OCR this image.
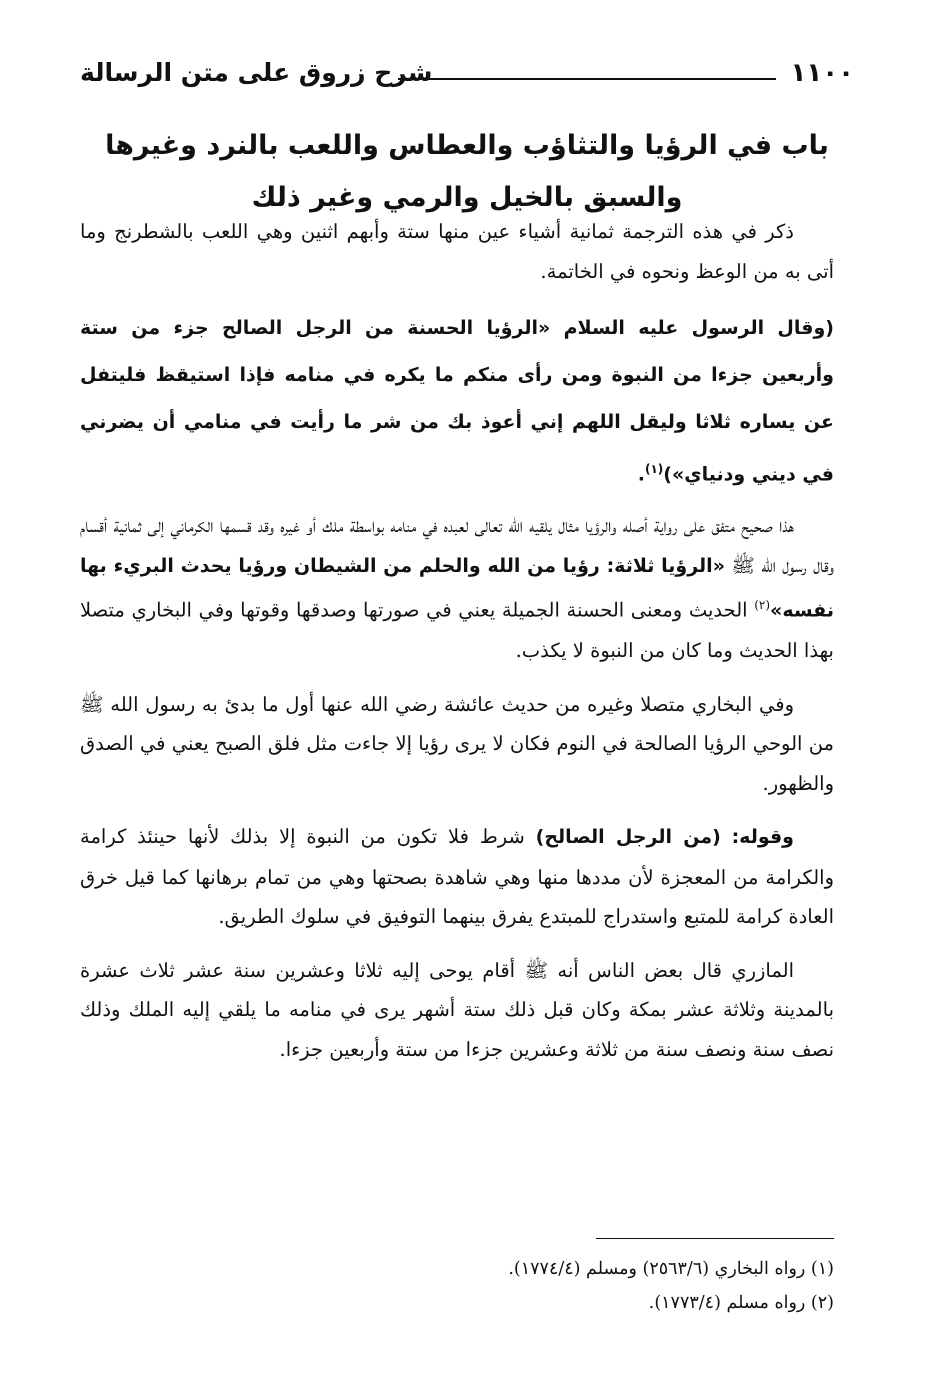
١١٠٠
شرح زروق على متن الرسالة
باب في الرؤيا والتثاؤب والعطاس واللعب بالنرد وغيرها
والسبق بالخيل والرمي وغير ذلك

ذكر في هذه الترجمة ثمانية أشياء عين منها ستة وأبهم اثنين وهي اللعب بالشطرنج وما أتى به من الوعظ ونحوه في الخاتمة.

(وقال الرسول عليه السلام «الرؤيا الحسنة من الرجل الصالح جزء من ستة وأربعين جزءا من النبوة ومن رأى منكم ما يكره في منامه فإذا استيقظ فليتفل عن يساره ثلاثا وليقل اللهم إني أعوذ بك من شر ما رأيت في منامي أن يضرني في ديني ودنياي»)$^{(١)}$.

هذا صحيح متفق على رواية أصله والرؤيا مثال يلقيه الله تعالى لعبده في منامه بواسطة ملك أو غيره وقد قسمها الكرماني إلى ثمانية أقسام وقال رسول الله ﷺ «الرؤيا ثلاثة: رؤيا من الله والحلم من الشيطان ورؤيا يحدث البريء بها نفسه»$^{(٢)}$ الحديث ومعنى الحسنة الجميلة يعني في صورتها وصدقها وقوتها وفي البخاري متصلا بهذا الحديث وما كان من النبوة لا يكذب.

وفي البخاري متصلا وغيره من حديث عائشة رضي الله عنها أول ما بدئ به رسول الله ﷺ من الوحي الرؤيا الصالحة في النوم فكان لا يرى رؤيا إلا جاءت مثل فلق الصبح يعني في الصدق والظهور.

وقوله: (من الرجل الصالح) شرط فلا تكون من النبوة إلا بذلك لأنها حينئذ كرامة والكرامة من المعجزة لأن مددها منها وهي شاهدة بصحتها وهي من تمام برهانها كما قيل خرق العادة كرامة للمتبع واستدراج للمبتدع يفرق بينهما التوفيق في سلوك الطريق.

المازري قال بعض الناس أنه ﷺ أقام يوحى إليه ثلاثا وعشرين سنة عشر ثلاث عشرة بالمدينة وثلاثة عشر بمكة وكان قبل ذلك ستة أشهر يرى في منامه ما يلقي إليه الملك وذلك نصف سنة ونصف سنة من ثلاثة وعشرين جزءا من ستة وأربعين جزءا.

(١) رواه البخاري (٢٥٦٣/٦) ومسلم (١٧٧٤/٤).
(٢) رواه مسلم (١٧٧٣/٤).
